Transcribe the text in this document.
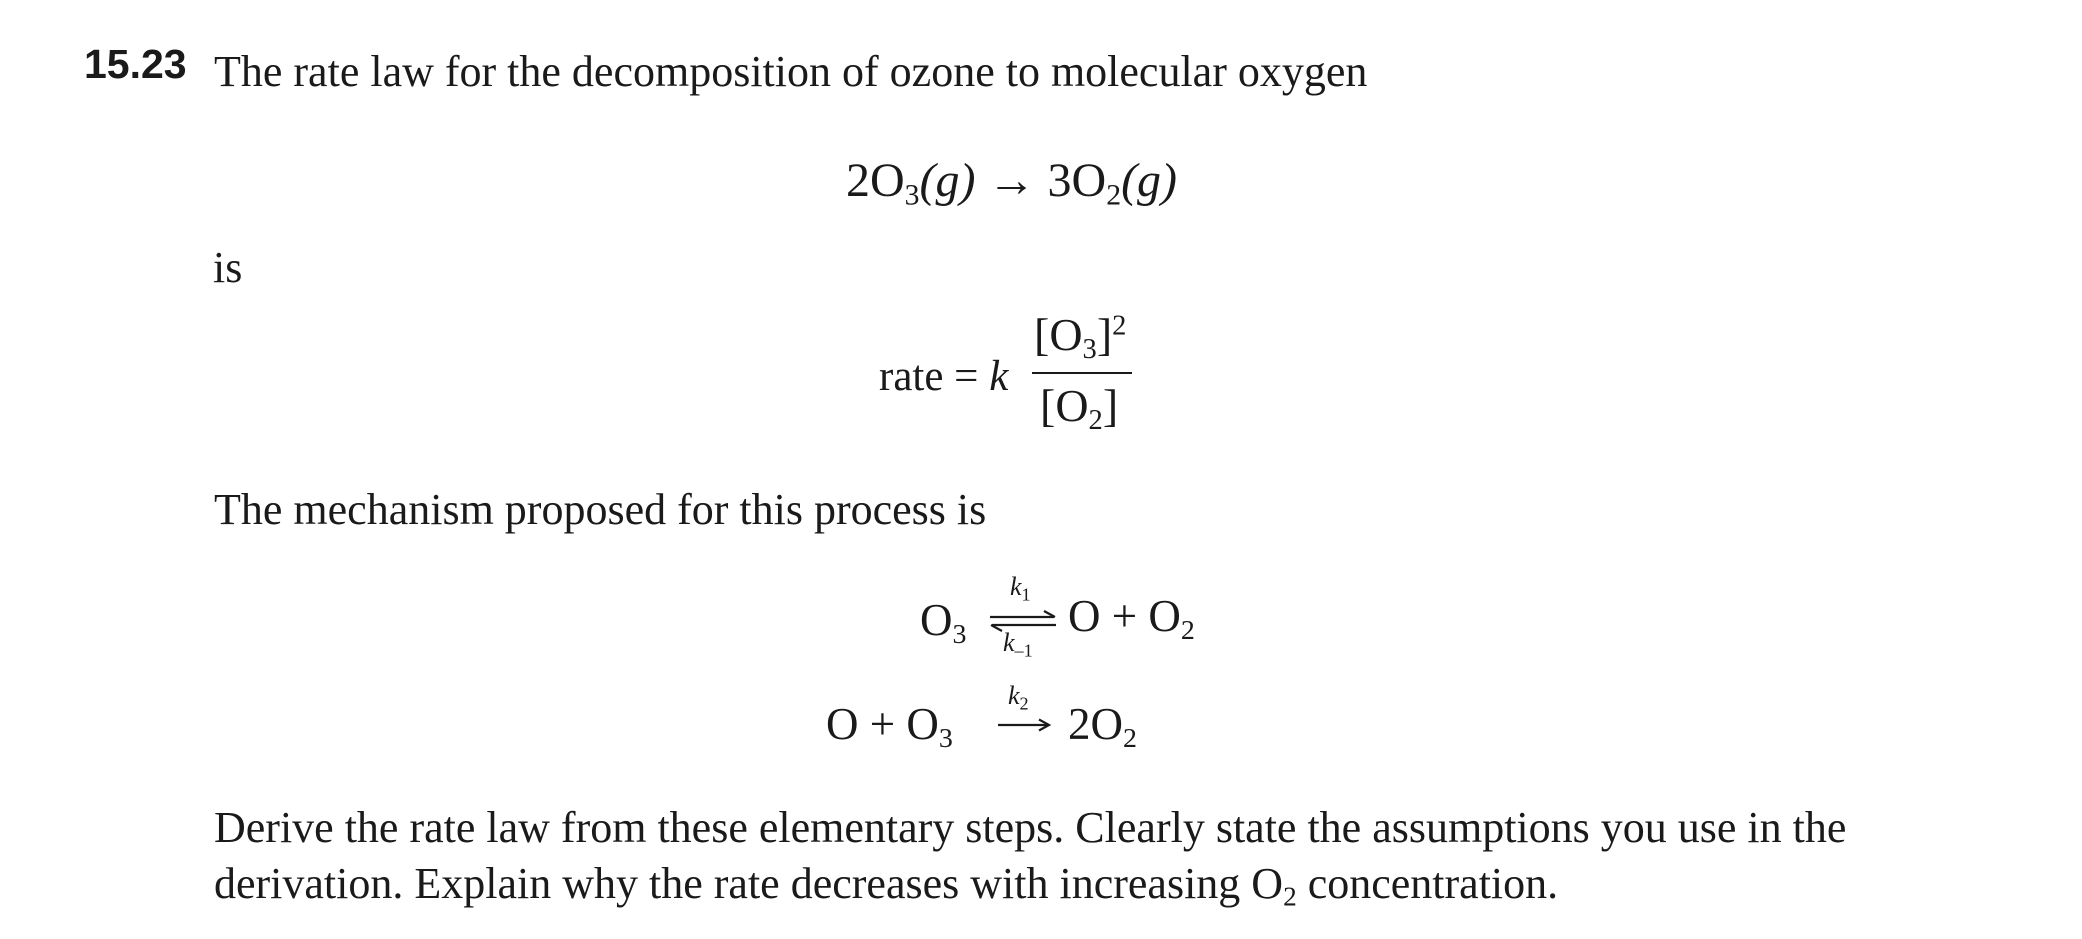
15.23 The rate law for the decomposition of ozone to molecular oxygen
$2O_3(g) \to 3O_2(g)$
is
rate = k
$[O_3]^2$
$[O_2]$
The mechanism proposed for this process is
$O_3$
$k_1$
$k_{-1}$
$O + O_2$
$O + O_3$
$k_2$ $2O_2$
Derive the rate law from these elementary steps. Clearly state the assumptions you use in the
derivation. Explain why the rate decreases with increasing $O_2$ concentration.
